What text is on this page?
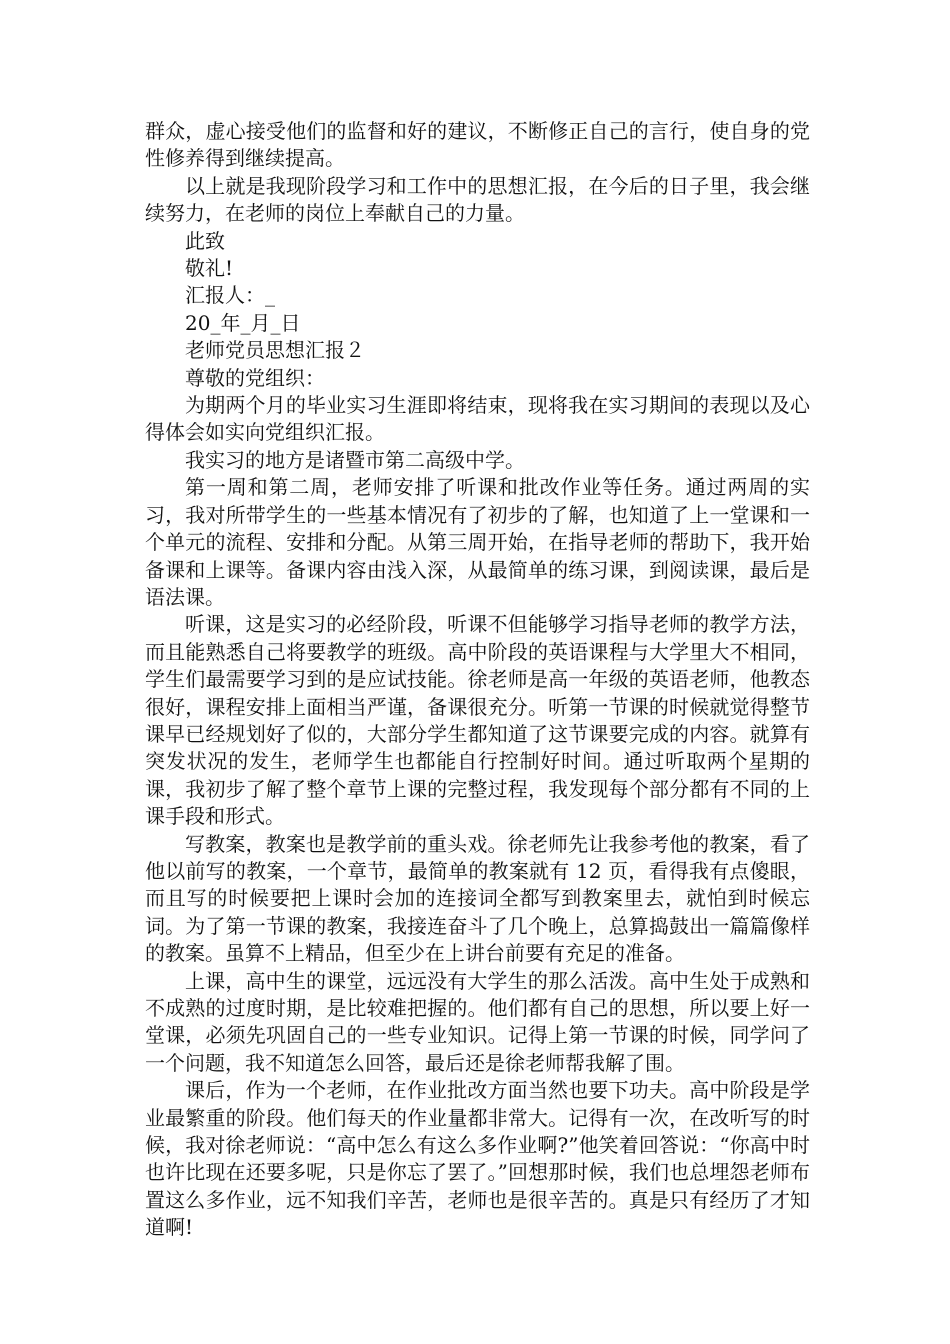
群众，虚心接受他们的监督和好的建议，不断修正自己的言行，使自身的党性修养得到继续提高。

以上就是我现阶段学习和工作中的思想汇报，在今后的日子里，我会继续努力，在老师的岗位上奉献自己的力量。

此致

敬礼!

汇报人：_

20_年_月_日

老师党员思想汇报２

尊敬的党组织：

为期两个月的毕业实习生涯即将结束，现将我在实习期间的表现以及心得体会如实向党组织汇报。

我实习的地方是诸暨市第二高级中学。

第一周和第二周，老师安排了听课和批改作业等任务。通过两周的实习，我对所带学生的一些基本情况有了初步的了解，也知道了上一堂课和一个单元的流程、安排和分配。从第三周开始，在指导老师的帮助下，我开始备课和上课等。备课内容由浅入深，从最简单的练习课，到阅读课，最后是语法课。

听课，这是实习的必经阶段，听课不但能够学习指导老师的教学方法，而且能熟悉自己将要教学的班级。高中阶段的英语课程与大学里大不相同，学生们最需要学习到的是应试技能。徐老师是高一年级的英语老师，他教态很好，课程安排上面相当严谨，备课很充分。听第一节课的时候就觉得整节课早已经规划好了似的，大部分学生都知道了这节课要完成的内容。就算有突发状况的发生，老师学生也都能自行控制好时间。通过听取两个星期的课，我初步了解了整个章节上课的完整过程，我发现每个部分都有不同的上课手段和形式。

写教案，教案也是教学前的重头戏。徐老师先让我参考他的教案，看了他以前写的教案，一个章节，最简单的教案就有 12 页，看得我有点傻眼，而且写的时候要把上课时会加的连接词全都写到教案里去，就怕到时候忘词。为了第一节课的教案，我接连奋斗了几个晚上，总算捣鼓出一篇篇像样的教案。虽算不上精品，但至少在上讲台前要有充足的准备。

上课，高中生的课堂，远远没有大学生的那么活泼。高中生处于成熟和不成熟的过度时期，是比较难把握的。他们都有自己的思想，所以要上好一堂课，必须先巩固自己的一些专业知识。记得上第一节课的时候，同学问了一个问题，我不知道怎么回答，最后还是徐老师帮我解了围。

课后，作为一个老师，在作业批改方面当然也要下功夫。高中阶段是学业最繁重的阶段。他们每天的作业量都非常大。记得有一次，在改听写的时候，我对徐老师说：“高中怎么有这么多作业啊?”他笑着回答说：“你高中时也许比现在还要多呢，只是你忘了罢了。”回想那时候，我们也总埋怨老师布置这么多作业，远不知我们辛苦，老师也是很辛苦的。真是只有经历了才知道啊!
